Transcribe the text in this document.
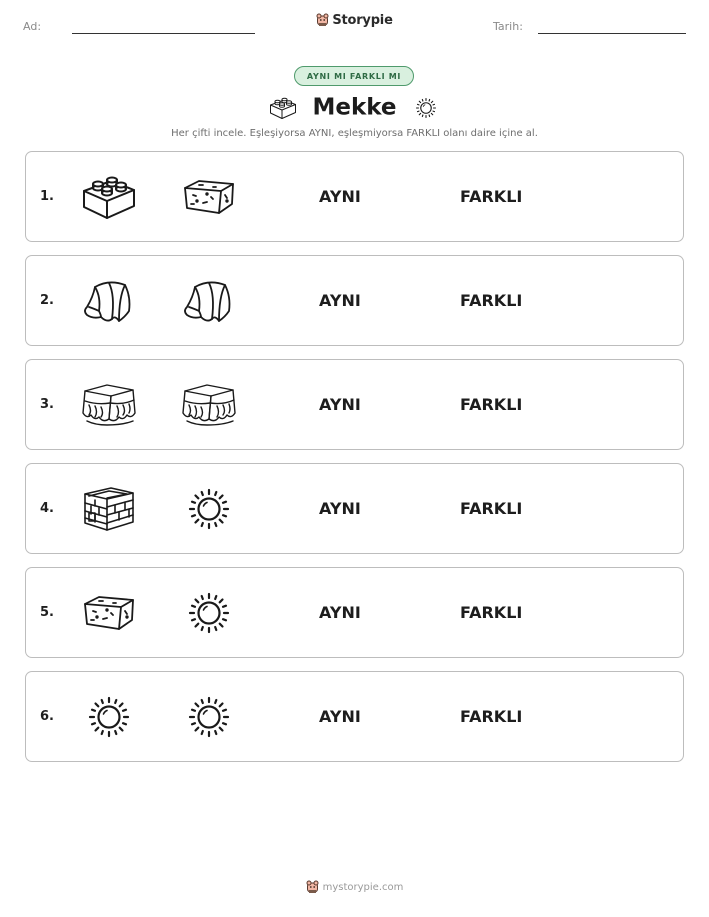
Ad:	Storypie	Tarih:
AYNI MI FARKLI MI
Mekke
Her çifti incele. Eşleşiyorsa AYNI, eşleşmiyorsa FARKLI olanı daire içine al.
1.	AYNI	FARKLI
2.	AYNI	FARKLI
3.	AYNI	FARKLI
4.	AYNI	FARKLI
5.	AYNI	FARKLI
6.	AYNI	FARKLI
mystorypie.com
